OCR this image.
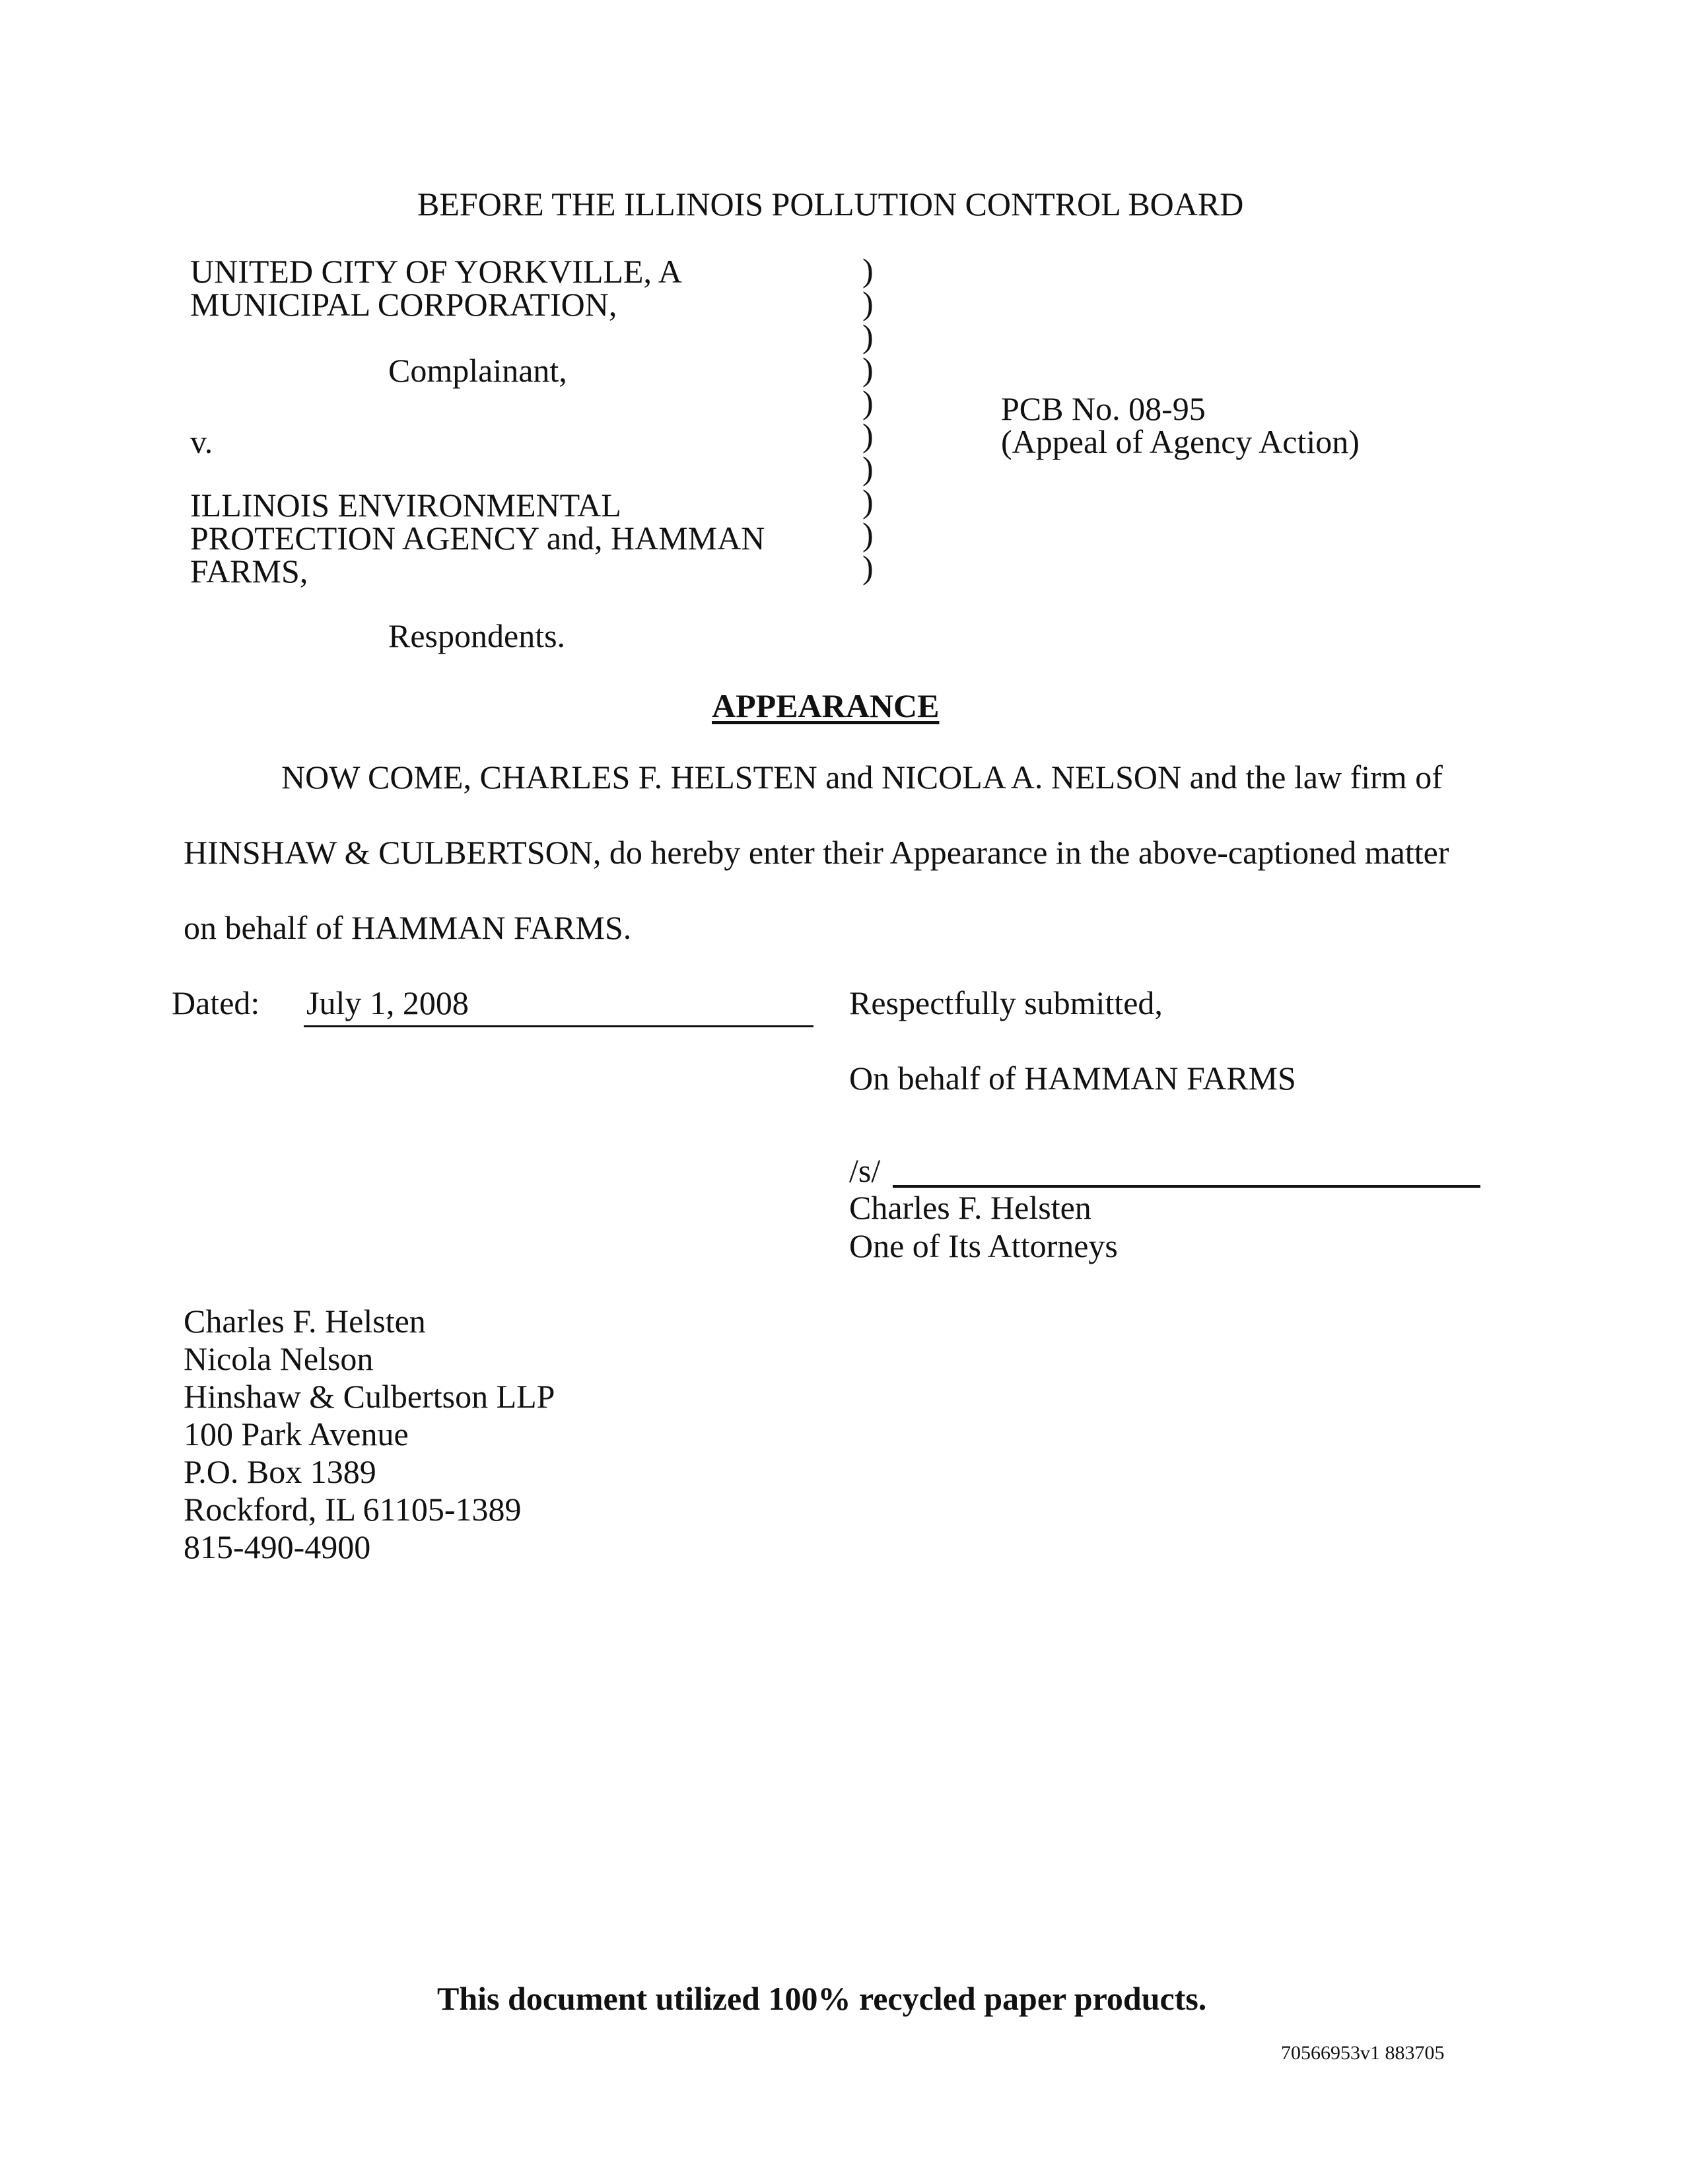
BEFORE THE ILLINOIS POLLUTION CONTROL BOARD
UNITED CITY OF YORKVILLE, A
MUNICIPAL CORPORATION,
Complainant,
v.
ILLINOIS ENVIRONMENTAL
PROTECTION AGENCY and, HAMMAN
FARMS,
Respondents.
)
)
)
)
)
)
)
)
)
)
PCB No. 08-95
(Appeal of Agency Action)
APPEARANCE
NOW COME, CHARLES F. HELSTEN and NICOLA A. NELSON and the law firm of
HINSHAW & CULBERTSON, do hereby enter their Appearance in the above-captioned matter
on behalf of HAMMAN FARMS.
Dated: July 1, 2008	Respectfully submitted,
On behalf of HAMMAN FARMS
/s/
Charles F. Helsten
One of Its Attorneys
Charles F. Helsten
Nicola Nelson
Hinshaw & Culbertson LLP
100 Park Avenue
P.O. Box 1389
Rockford, IL 61105-1389
815-490-4900
This document utilized 100% recycled paper products.
70566953v1 883705
